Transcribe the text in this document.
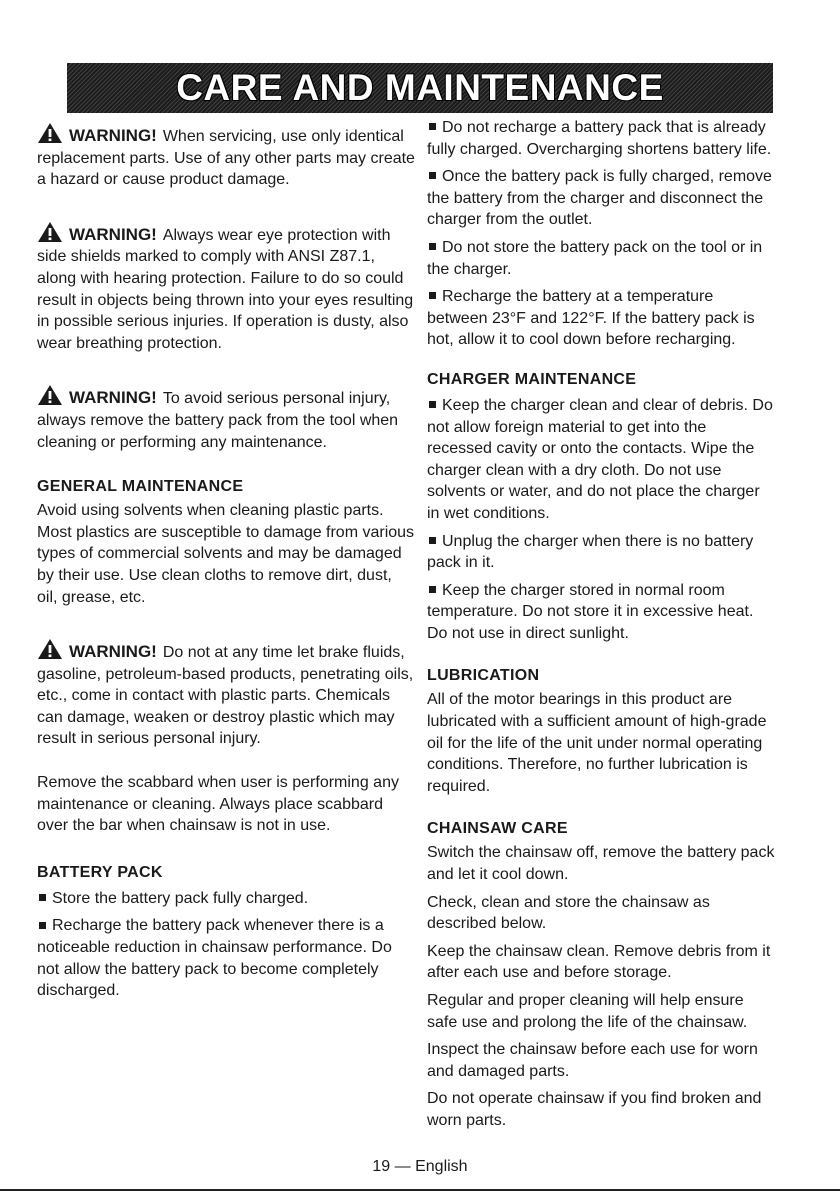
CARE AND MAINTENANCE

WARNING! When servicing, use only identical replacement parts. Use of any other parts may create a hazard or cause product damage.

WARNING! Always wear eye protection with side shields marked to comply with ANSI Z87.1, along with hearing protection. Failure to do so could result in objects being thrown into your eyes resulting in possible serious injuries. If operation is dusty, also wear breathing protection.

WARNING! To avoid serious personal injury, always remove the battery pack from the tool when cleaning or performing any maintenance.

GENERAL MAINTENANCE

Avoid using solvents when cleaning plastic parts. Most plastics are susceptible to damage from various types of commercial solvents and may be damaged by their use. Use clean cloths to remove dirt, dust, oil, grease, etc.

WARNING! Do not at any time let brake fluids, gasoline, petroleum-based products, penetrating oils, etc., come in contact with plastic parts. Chemicals can damage, weaken or destroy plastic which may result in serious personal injury.

Remove the scabbard when user is performing any maintenance or cleaning. Always place scabbard over the bar when chainsaw is not in use.

BATTERY PACK

Store the battery pack fully charged.

Recharge the battery pack whenever there is a noticeable reduction in chainsaw performance. Do not allow the battery pack to become completely discharged.

Do not recharge a battery pack that is already fully charged. Overcharging shortens battery life.

Once the battery pack is fully charged, remove the battery from the charger and disconnect the charger from the outlet.

Do not store the battery pack on the tool or in the charger.

Recharge the battery at a temperature between 23°F and 122°F. If the battery pack is hot, allow it to cool down before recharging.

CHARGER MAINTENANCE

Keep the charger clean and clear of debris. Do not allow foreign material to get into the recessed cavity or onto the contacts. Wipe the charger clean with a dry cloth. Do not use solvents or water, and do not place the charger in wet conditions.

Unplug the charger when there is no battery pack in it.

Keep the charger stored in normal room temperature. Do not store it in excessive heat. Do not use in direct sunlight.

LUBRICATION

All of the motor bearings in this product are lubricated with a sufficient amount of high-grade oil for the life of the unit under normal operating conditions. Therefore, no further lubrication is required.

CHAINSAW CARE

Switch the chainsaw off, remove the battery pack and let it cool down.

Check, clean and store the chainsaw as described below.

Keep the chainsaw clean. Remove debris from it after each use and before storage.

Regular and proper cleaning will help ensure safe use and prolong the life of the chainsaw.

Inspect the chainsaw before each use for worn and damaged parts.

Do not operate chainsaw if you find broken and worn parts.

19 — English
